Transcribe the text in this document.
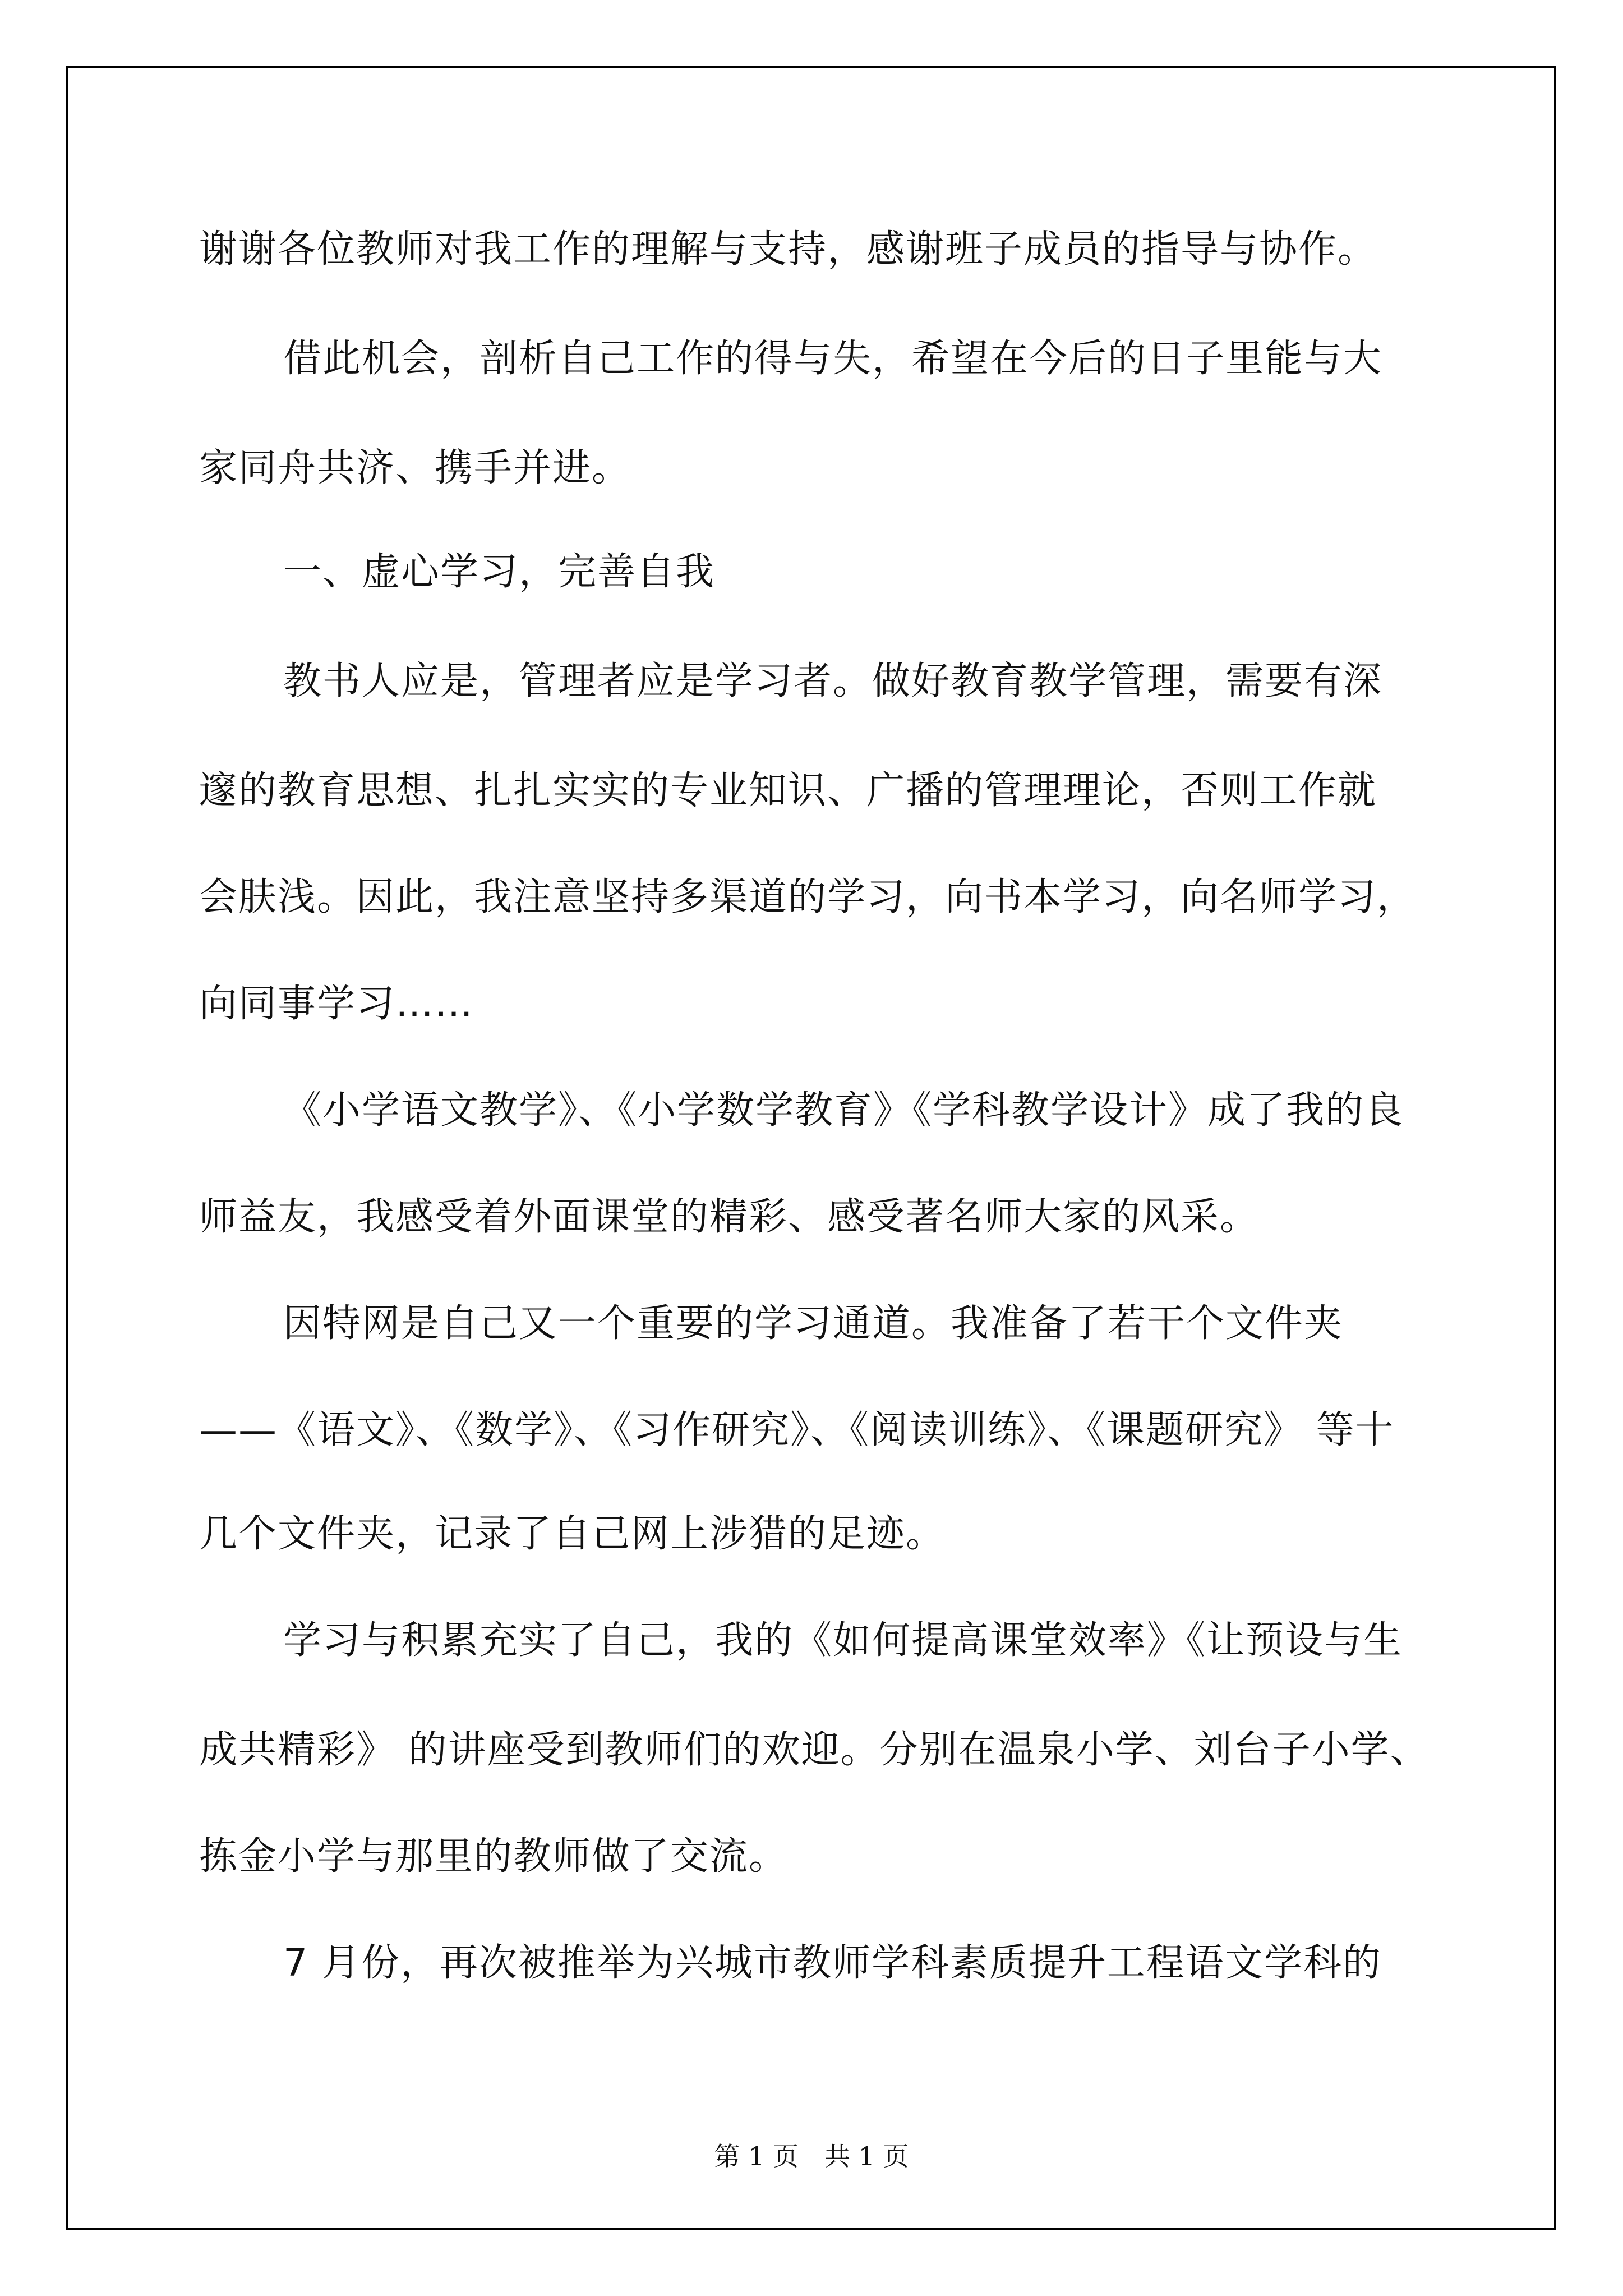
谢谢各位教师对我工作的理解与支持，感谢班子成员的指导与协作。
借此机会，剖析自己工作的得与失，希望在今后的日子里能与大
家同舟共济、携手并进。
一、虚心学习，完善自我
教书人应是，管理者应是学习者。做好教育教学管理，需要有深
邃的教育思想、扎扎实实的专业知识、广播的管理理论，否则工作就
会肤浅。因此，我注意坚持多渠道的学习，向书本学习，向名师学习，
向同事学习……
《小学语文教学》、《小学数学教育》《学科教学设计》成了我的良
师益友，我感受着外面课堂的精彩、感受著名师大家的风采。
因特网是自己又一个重要的学习通道。我准备了若干个文件夹
——《语文》、《数学》、《习作研究》、《阅读训练》、《课题研究》 等十
几个文件夹，记录了自己网上涉猎的足迹。
学习与积累充实了自己，我的《如何提高课堂效率》《让预设与生
成共精彩》 的讲座受到教师们的欢迎。分别在温泉小学、刘台子小学、
拣金小学与那里的教师做了交流。
7 月份，再次被推举为兴城市教师学科素质提升工程语文学科的
第 1 页　共 1 页
